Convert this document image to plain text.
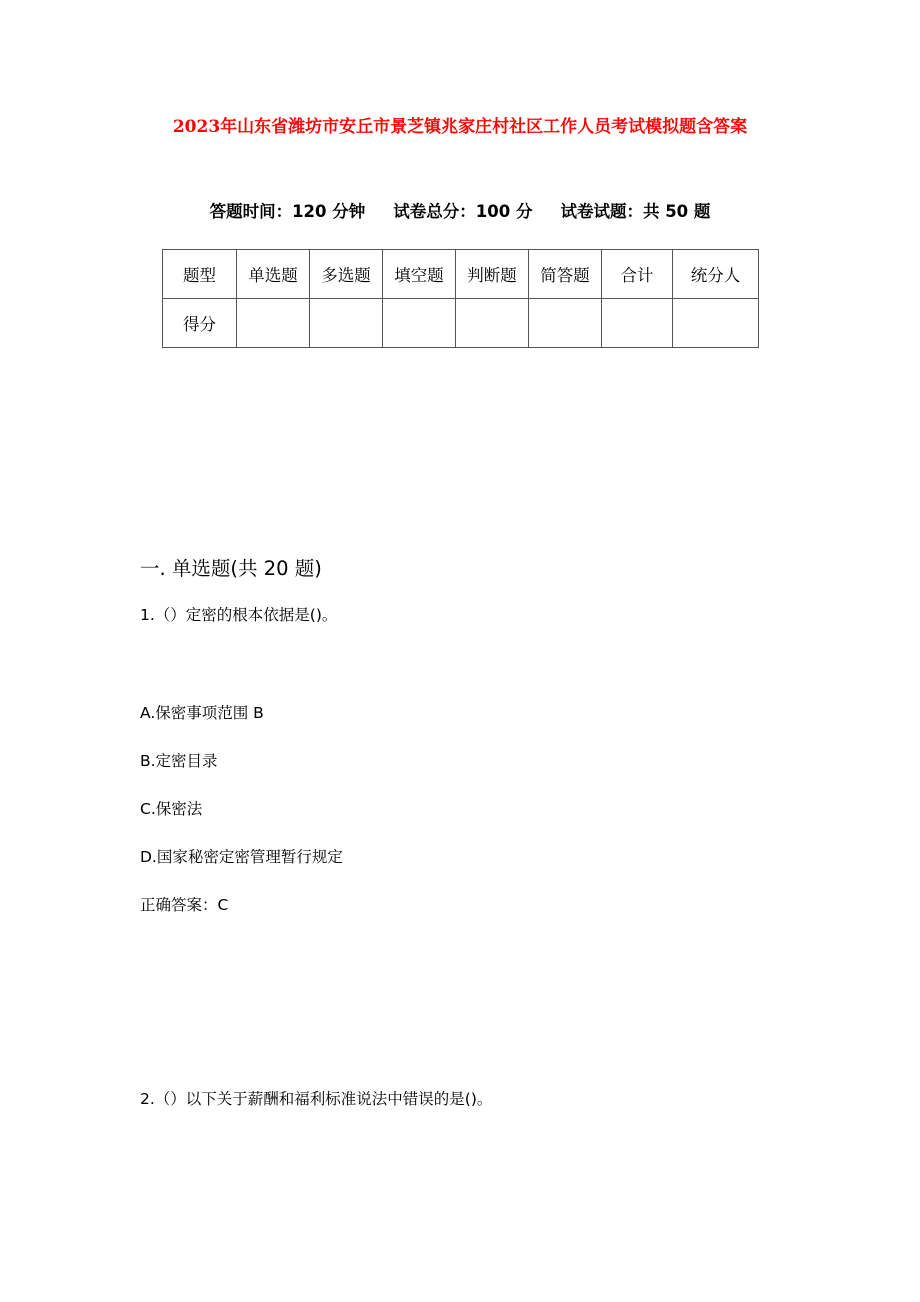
2023年山东省潍坊市安丘市景芝镇兆家庄村社区工作人员考试模拟题含答案
答题时间：120 分钟 试卷总分：100 分 试卷试题：共 50 题
题型	单选题	多选题	填空题	判断题	简答题	合计	统分人
得分							
一. 单选题(共 20 题)
1.（）定密的根本依据是()。
A.保密事项范围 B
B.定密目录
C.保密法
D.国家秘密定密管理暂行规定
正确答案：C
2.（）以下关于薪酬和福利标准说法中错误的是()。
